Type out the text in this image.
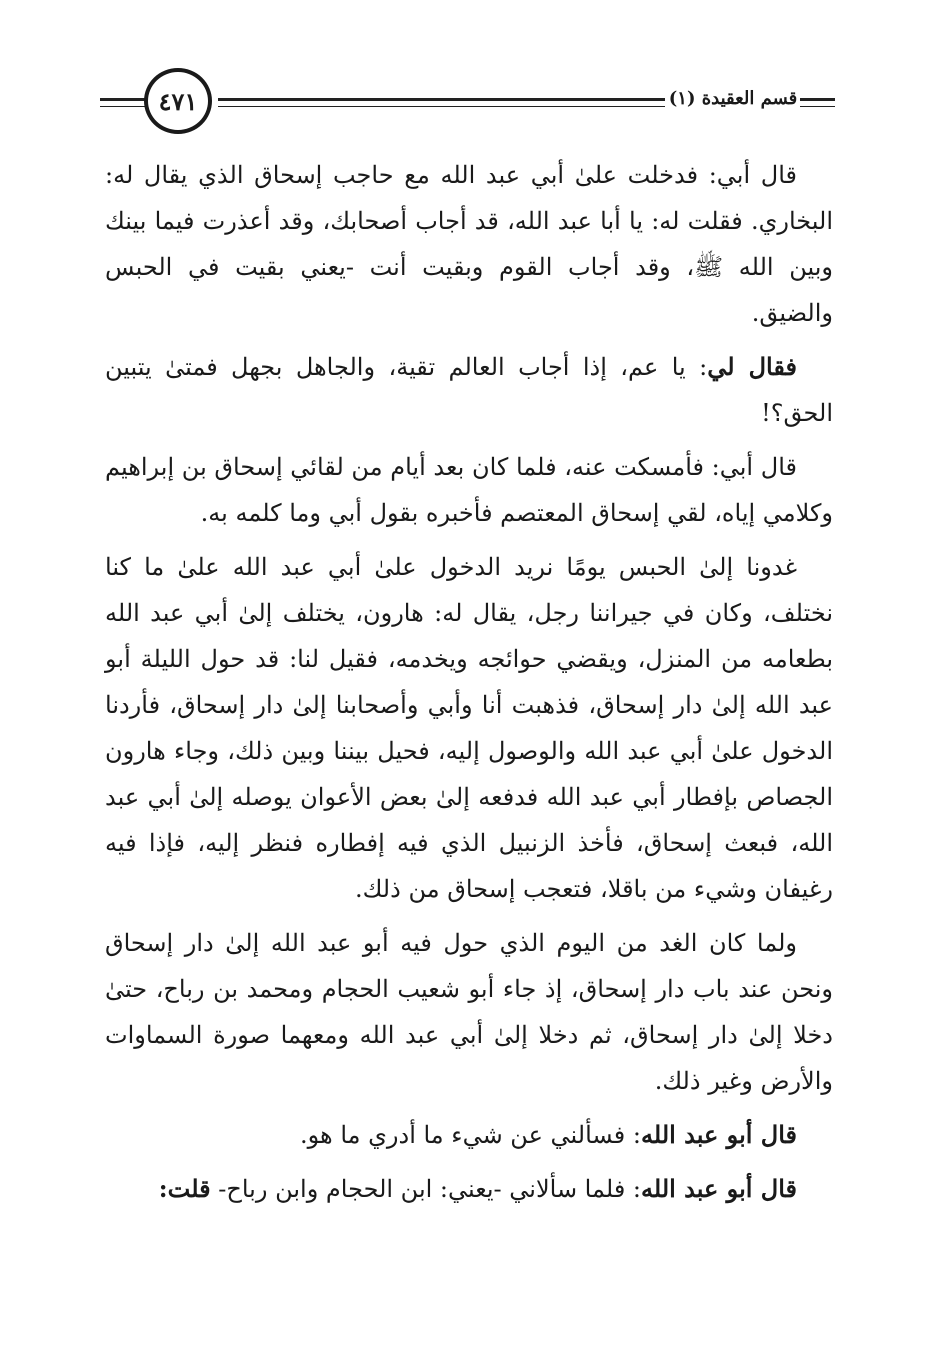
٤٧١	قسم العقيدة (١)

قال أبي: فدخلت علىٰ أبي عبد الله مع حاجب إسحاق الذي يقال له: البخاري. فقلت له: يا أبا عبد الله، قد أجاب أصحابك، وقد أعذرت فيما بينك وبين الله ﷺ، وقد أجاب القوم وبقيت أنت -يعني بقيت في الحبس والضيق.

فقال لي: يا عم، إذا أجاب العالم تقية، والجاهل بجهل فمتىٰ يتبين الحق؟!

قال أبي: فأمسكت عنه، فلما كان بعد أيام من لقائي إسحاق بن إبراهيم وكلامي إياه، لقي إسحاق المعتصم فأخبره بقول أبي وما كلمه به.

غدونا إلىٰ الحبس يومًا نريد الدخول علىٰ أبي عبد الله علىٰ ما كنا نختلف، وكان في جيراننا رجل، يقال له: هارون، يختلف إلىٰ أبي عبد الله بطعامه من المنزل، ويقضي حوائجه ويخدمه، فقيل لنا: قد حول الليلة أبو عبد الله إلىٰ دار إسحاق، فذهبت أنا وأبي وأصحابنا إلىٰ دار إسحاق، فأردنا الدخول علىٰ أبي عبد الله والوصول إليه، فحيل بيننا وبين ذلك، وجاء هارون الجصاص بإفطار أبي عبد الله فدفعه إلىٰ بعض الأعوان يوصله إلىٰ أبي عبد الله، فبعث إسحاق، فأخذ الزنبيل الذي فيه إفطاره فنظر إليه، فإذا فيه رغيفان وشيء من باقلا، فتعجب إسحاق من ذلك.

ولما كان الغد من اليوم الذي حول فيه أبو عبد الله إلىٰ دار إسحاق ونحن عند باب دار إسحاق، إذ جاء أبو شعيب الحجام ومحمد بن رباح، حتىٰ دخلا إلىٰ دار إسحاق، ثم دخلا إلىٰ أبي عبد الله ومعهما صورة السماوات والأرض وغير ذلك.

قال أبو عبد الله: فسألني عن شيء ما أدري ما هو.

قال أبو عبد الله: فلما سألاني -يعني: ابن الحجام وابن رباح- قلت:
